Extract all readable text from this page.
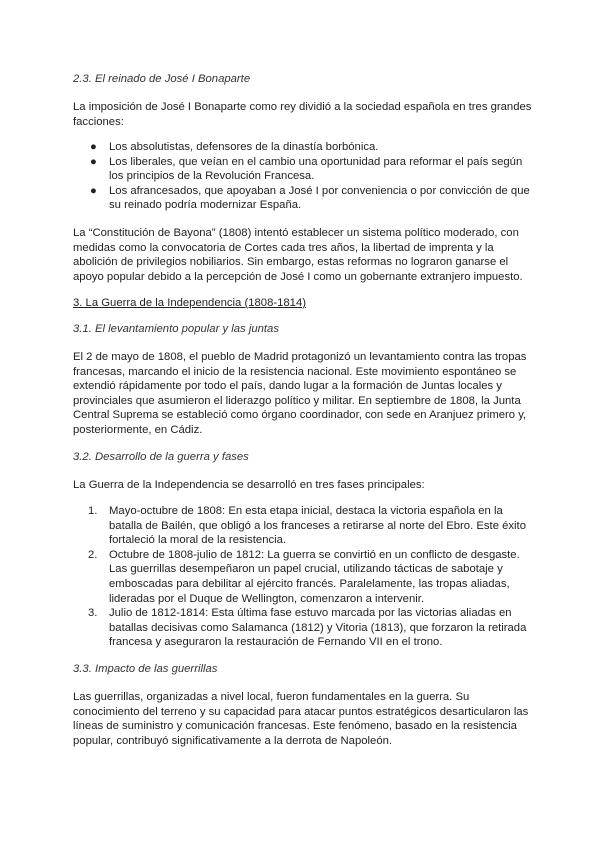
2.3. El reinado de José I Bonaparte

La imposición de José I Bonaparte como rey dividió a la sociedad española en tres grandes facciones:

● Los absolutistas, defensores de la dinastía borbónica.
● Los liberales, que veían en el cambio una oportunidad para reformar el país según los principios de la Revolución Francesa.
● Los afrancesados, que apoyaban a José I por conveniencia o por convicción de que su reinado podría modernizar España.

La “Constitución de Bayona” (1808) intentó establecer un sistema político moderado, con medidas como la convocatoria de Cortes cada tres años, la libertad de imprenta y la abolición de privilegios nobiliarios. Sin embargo, estas reformas no lograron ganarse el apoyo popular debido a la percepción de José I como un gobernante extranjero impuesto.

3. La Guerra de la Independencia (1808-1814)

3.1. El levantamiento popular y las juntas

El 2 de mayo de 1808, el pueblo de Madrid protagonizó un levantamiento contra las tropas francesas, marcando el inicio de la resistencia nacional. Este movimiento espontáneo se extendió rápidamente por todo el país, dando lugar a la formación de Juntas locales y provinciales que asumieron el liderazgo político y militar. En septiembre de 1808, la Junta Central Suprema se estableció como órgano coordinador, con sede en Aranjuez primero y, posteriormente, en Cádiz.

3.2. Desarrollo de la guerra y fases

La Guerra de la Independencia se desarrolló en tres fases principales:

1. Mayo-octubre de 1808: En esta etapa inicial, destaca la victoria española en la batalla de Bailén, que obligó a los franceses a retirarse al norte del Ebro. Este éxito fortaleció la moral de la resistencia.
2. Octubre de 1808-julio de 1812: La guerra se convirtió en un conflicto de desgaste. Las guerrillas desempeñaron un papel crucial, utilizando tácticas de sabotaje y emboscadas para debilitar al ejército francés. Paralelamente, las tropas aliadas, lideradas por el Duque de Wellington, comenzaron a intervenir.
3. Julio de 1812-1814: Esta última fase estuvo marcada por las victorias aliadas en batallas decisivas como Salamanca (1812) y Vitoria (1813), que forzaron la retirada francesa y aseguraron la restauración de Fernando VII en el trono.

3.3. Impacto de las guerrillas

Las guerrillas, organizadas a nivel local, fueron fundamentales en la guerra. Su conocimiento del terreno y su capacidad para atacar puntos estratégicos desarticularon las líneas de suministro y comunicación francesas. Este fenómeno, basado en la resistencia popular, contribuyó significativamente a la derrota de Napoleón.
